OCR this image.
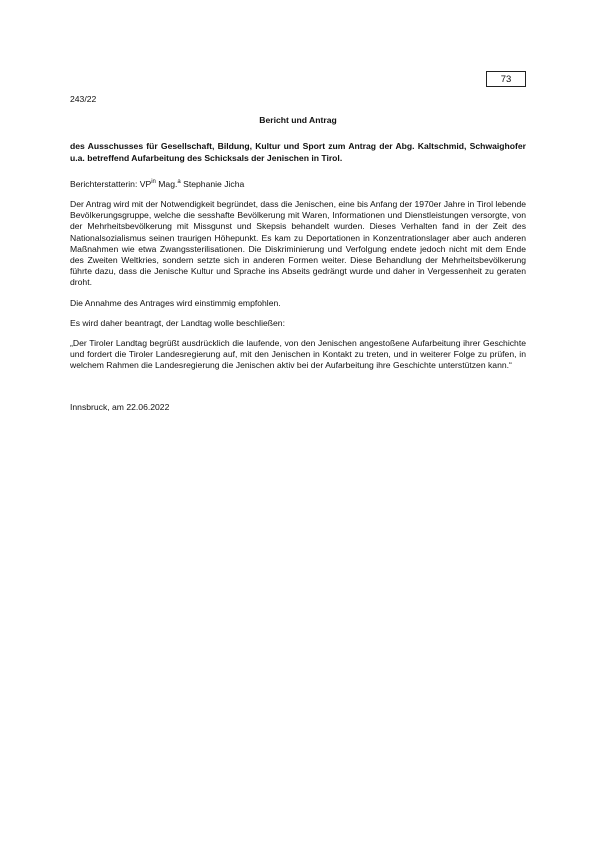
73

243/22

Bericht und Antrag

des Ausschusses für Gesellschaft, Bildung, Kultur und Sport zum Antrag der Abg. Kaltschmid, Schwaighofer u.a. betreffend Aufarbeitung des Schicksals der Jenischen in Tirol.

Berichterstatterin: $VP^{in}$ Mag.$^a$ Stephanie Jicha

Der Antrag wird mit der Notwendigkeit begründet, dass die Jenischen, eine bis Anfang der 1970er Jahre in Tirol lebende Bevölkerungsgruppe, welche die sesshafte Bevölkerung mit Waren, Informationen und Dienstleistungen versorgte, von der Mehrheitsbevölkerung mit Missgunst und Skepsis behandelt wurden. Dieses Verhalten fand in der Zeit des Nationalsozialismus seinen traurigen Höhepunkt. Es kam zu Deportationen in Konzentrationslager aber auch anderen Maßnahmen wie etwa Zwangssterilisationen. Die Diskriminierung und Verfolgung endete jedoch nicht mit dem Ende des Zweiten Weltkries, sondern setzte sich in anderen Formen weiter. Diese Behandlung der Mehrheitsbevölkerung führte dazu, dass die Jenische Kultur und Sprache ins Abseits gedrängt wurde und daher in Vergessenheit zu geraten droht.

Die Annahme des Antrages wird einstimmig empfohlen.

Es wird daher beantragt, der Landtag wolle beschließen:

„Der Tiroler Landtag begrüßt ausdrücklich die laufende, von den Jenischen angestoßene Aufarbeitung ihrer Geschichte und fordert die Tiroler Landesregierung auf, mit den Jenischen in Kontakt zu treten, und in weiterer Folge zu prüfen, in welchem Rahmen die Landesregierung die Jenischen aktiv bei der Aufarbeitung ihre Geschichte unterstützen kann.“

Innsbruck, am 22.06.2022
